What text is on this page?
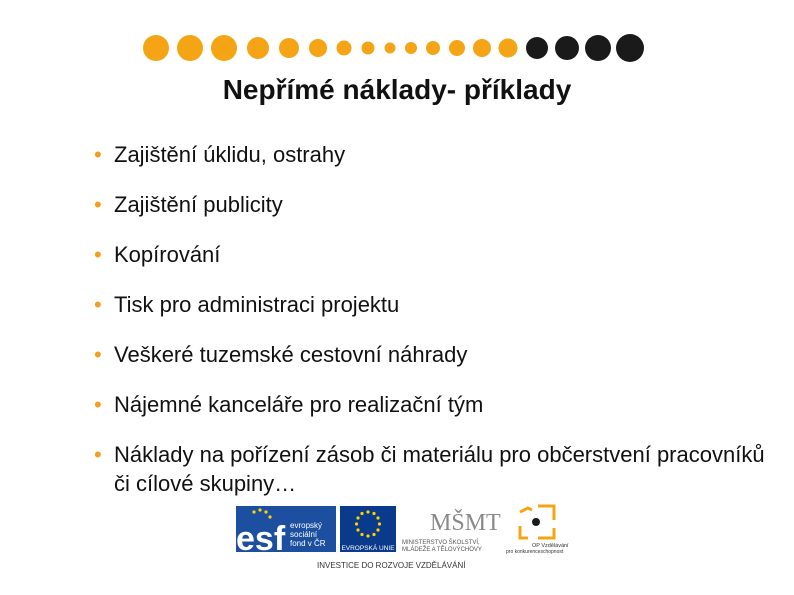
Nepřímé náklady- příklady
• Zajištění úklidu, ostrahy
• Zajištění publicity
• Kopírování
• Tisk pro administraci projektu
• Veškeré tuzemské cestovní náhrady
• Nájemné kanceláře pro realizační tým
• Náklady na pořízení zásob či materiálu pro občerstvení pracovníků či cílové skupiny…
esf evropský
sociální
fond v ČR
EVROPSKÁ UNIE
MŠMT
MINISTERSTVO ŠKOLSTVÍ,
MLÁDEŽE A TĚLOVÝCHOVY
OP Vzdělávání
pro konkurenceschopnost
INVESTICE DO ROZVOJE VZDĚLÁVÁNÍ
